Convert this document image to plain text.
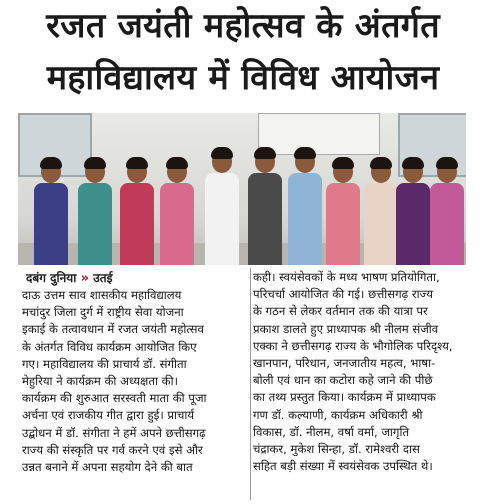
रजत जयंती महोत्सव के अंतर्गत
महाविद्यालय में विविध आयोजन
दबंग दुनिया » उतई
दाऊ उत्तम साव शासकीय महाविद्यालय
मचांदुर जिला दुर्ग में राष्ट्रीय सेवा योजना
इकाई के तत्वावधान में रजत जयंती महोत्सव
के अंतर्गत विविध कार्यक्रम आयोजित किए
गए। महाविद्यालय की प्राचार्य डॉ. संगीता
मेहुरिया ने कार्यक्रम की अध्यक्षता की।
कार्यक्रम की शुरुआत सरस्वती माता की पूजा
अर्चना एवं राजकीय गीत द्वारा हुई। प्राचार्य
उद्बोधन में डॉ. संगीता ने हमें अपने छत्तीसगढ़
राज्य की संस्कृति पर गर्व करने एवं इसे और
उन्नत बनाने में अपना सहयोग देने की बात
कही। स्वयंसेवकों के मध्य भाषण प्रतियोगिता,
परिचर्चा आयोजित की गई। छत्तीसगढ़ राज्य
के गठन से लेकर वर्तमान तक की यात्रा पर
प्रकाश डालते हुए प्राध्यापक श्री नीलम संजीव
एक्का ने छत्तीसगढ़ राज्य के भौगोलिक परिदृश्य,
खानपान, परिधान, जनजातीय महत्व, भाषा-
बोली एवं धान का कटोरा कहे जाने की पीछे
का तथ्य प्रस्तुत किया। कार्यक्रम में प्राध्यापक
गण डॉ. कल्याणी, कार्यक्रम अधिकारी श्री
विकास, डॉ. नीलम, वर्षा वर्मा, जागृति
चंद्राकर, मुकेश सिन्हा, डॉ. रामेश्वरी दास
सहित बड़ी संख्या में स्वयंसेवक उपस्थित थे।
